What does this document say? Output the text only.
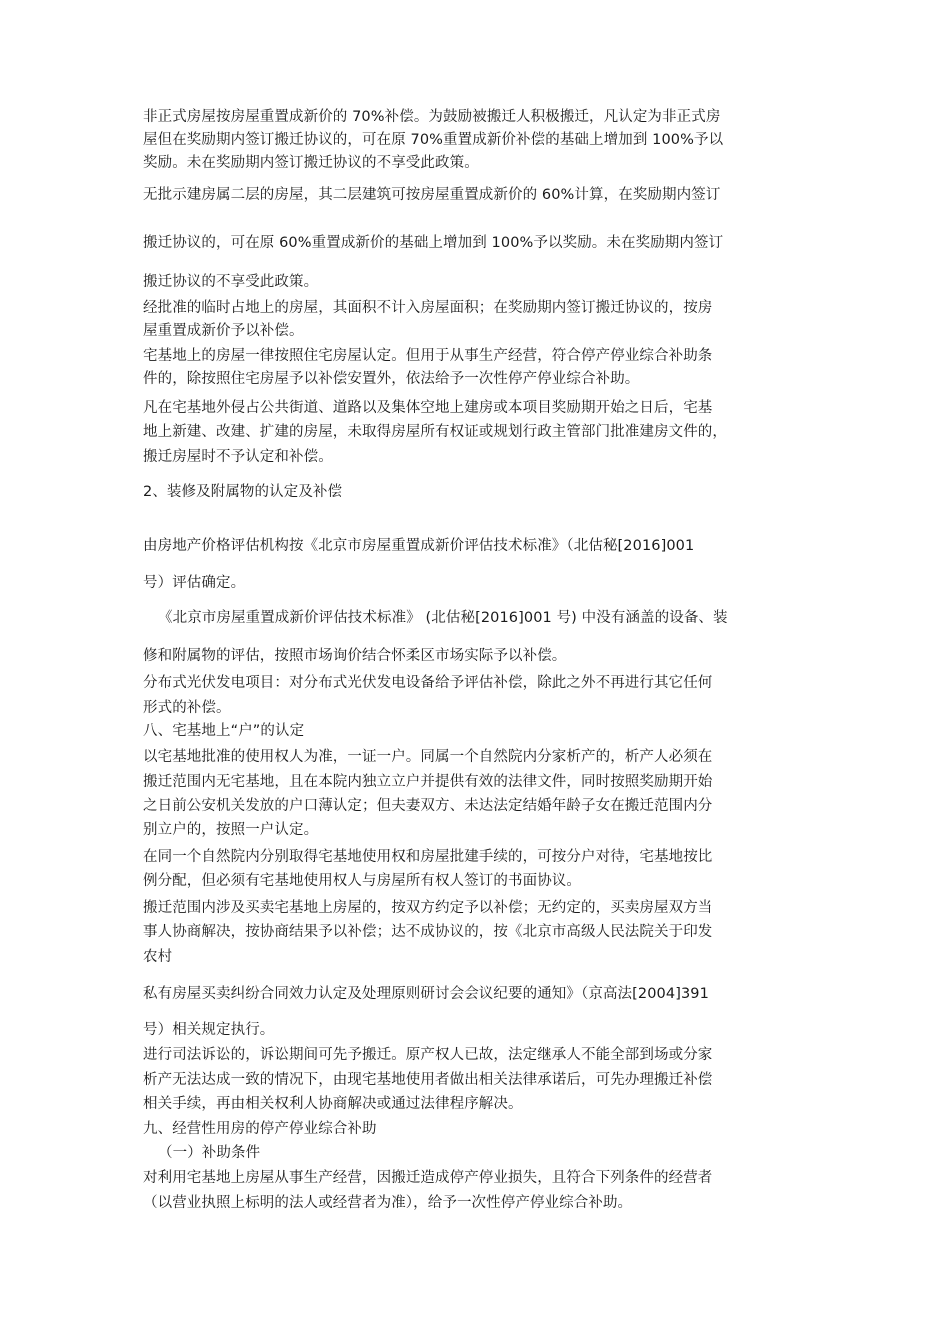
非正式房屋按房屋重置成新价的 70%补偿。为鼓励被搬迁人积极搬迁，凡认定为非正式房

屋但在奖励期内签订搬迁协议的，可在原 70%重置成新价补偿的基础上增加到 100%予以

奖励。未在奖励期内签订搬迁协议的不享受此政策。

无批示建房属二层的房屋，其二层建筑可按房屋重置成新价的 60%计算，在奖励期内签订

搬迁协议的，可在原 60%重置成新价的基础上增加到 100%予以奖励。未在奖励期内签订

搬迁协议的不享受此政策。

经批准的临时占地上的房屋，其面积不计入房屋面积；在奖励期内签订搬迁协议的，按房

屋重置成新价予以补偿。

宅基地上的房屋一律按照住宅房屋认定。但用于从事生产经营，符合停产停业综合补助条

件的，除按照住宅房屋予以补偿安置外，依法给予一次性停产停业综合补助。

凡在宅基地外侵占公共街道、道路以及集体空地上建房或本项目奖励期开始之日后，宅基

地上新建、改建、扩建的房屋，未取得房屋所有权证或规划行政主管部门批准建房文件的，

搬迁房屋时不予认定和补偿。

2、装修及附属物的认定及补偿

由房地产价格评估机构按《北京市房屋重置成新价评估技术标准》（北估秘[2016]001

号）评估确定。

《北京市房屋重置成新价评估技术标准》 (北估秘[2016]001 号) 中没有涵盖的设备、装

修和附属物的评估，按照市场询价结合怀柔区市场实际予以补偿。

分布式光伏发电项目：对分布式光伏发电设备给予评估补偿，除此之外不再进行其它任何

形式的补偿。

八、宅基地上“户”的认定

以宅基地批准的使用权人为准，一证一户。同属一个自然院内分家析产的，析产人必须在

搬迁范围内无宅基地，且在本院内独立立户并提供有效的法律文件，同时按照奖励期开始

之日前公安机关发放的户口薄认定；但夫妻双方、未达法定结婚年龄子女在搬迁范围内分

别立户的，按照一户认定。

在同一个自然院内分别取得宅基地使用权和房屋批建手续的，可按分户对待，宅基地按比

例分配，但必须有宅基地使用权人与房屋所有权人签订的书面协议。

搬迁范围内涉及买卖宅基地上房屋的，按双方约定予以补偿；无约定的，买卖房屋双方当

事人协商解决，按协商结果予以补偿；达不成协议的，按《北京市高级人民法院关于印发

农村

私有房屋买卖纠纷合同效力认定及处理原则研讨会会议纪要的通知》（京高法[2004]391

号）相关规定执行。

进行司法诉讼的，诉讼期间可先予搬迁。原产权人已故，法定继承人不能全部到场或分家

析产无法达成一致的情况下，由现宅基地使用者做出相关法律承诺后，可先办理搬迁补偿

相关手续，再由相关权利人协商解决或通过法律程序解决。

九、经营性用房的停产停业综合补助

（一）补助条件

对利用宅基地上房屋从事生产经营，因搬迁造成停产停业损失，且符合下列条件的经营者

（以营业执照上标明的法人或经营者为准），给予一次性停产停业综合补助。
